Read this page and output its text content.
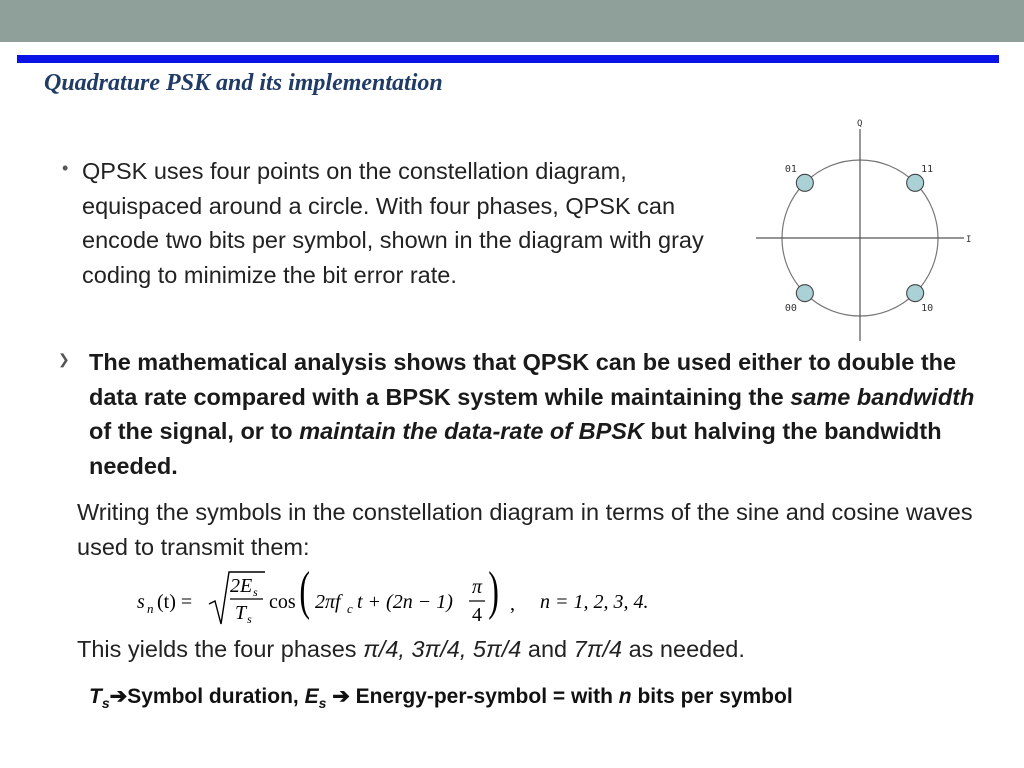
Quadrature PSK and its implementation
• QPSK uses four points on the constellation diagram, equispaced around a circle. With four phases, QPSK can encode two bits per symbol, shown in the diagram with gray coding to minimize the bit error rate.

Q
I
01	11
00	10
❯ The mathematical analysis shows that QPSK can be used either to double the data rate compared with a BPSK system while maintaining the same bandwidth of the signal, or to maintain the data-rate of BPSK but halving the bandwidth needed.

Writing the symbols in the constellation diagram in terms of the sine and cosine waves used to transmit them:

s n (t) =
2E s
T s
cos ( 2πf c t + (2n − 1)
π
4 ) , n = 1, 2, 3, 4.

This yields the four phases π/4, 3π/4, 5π/4 and 7π/4 as needed.

$T_s➔Symbol$ duration, $E_s$ ➔ Energy-per-symbol = with n bits per symbol
